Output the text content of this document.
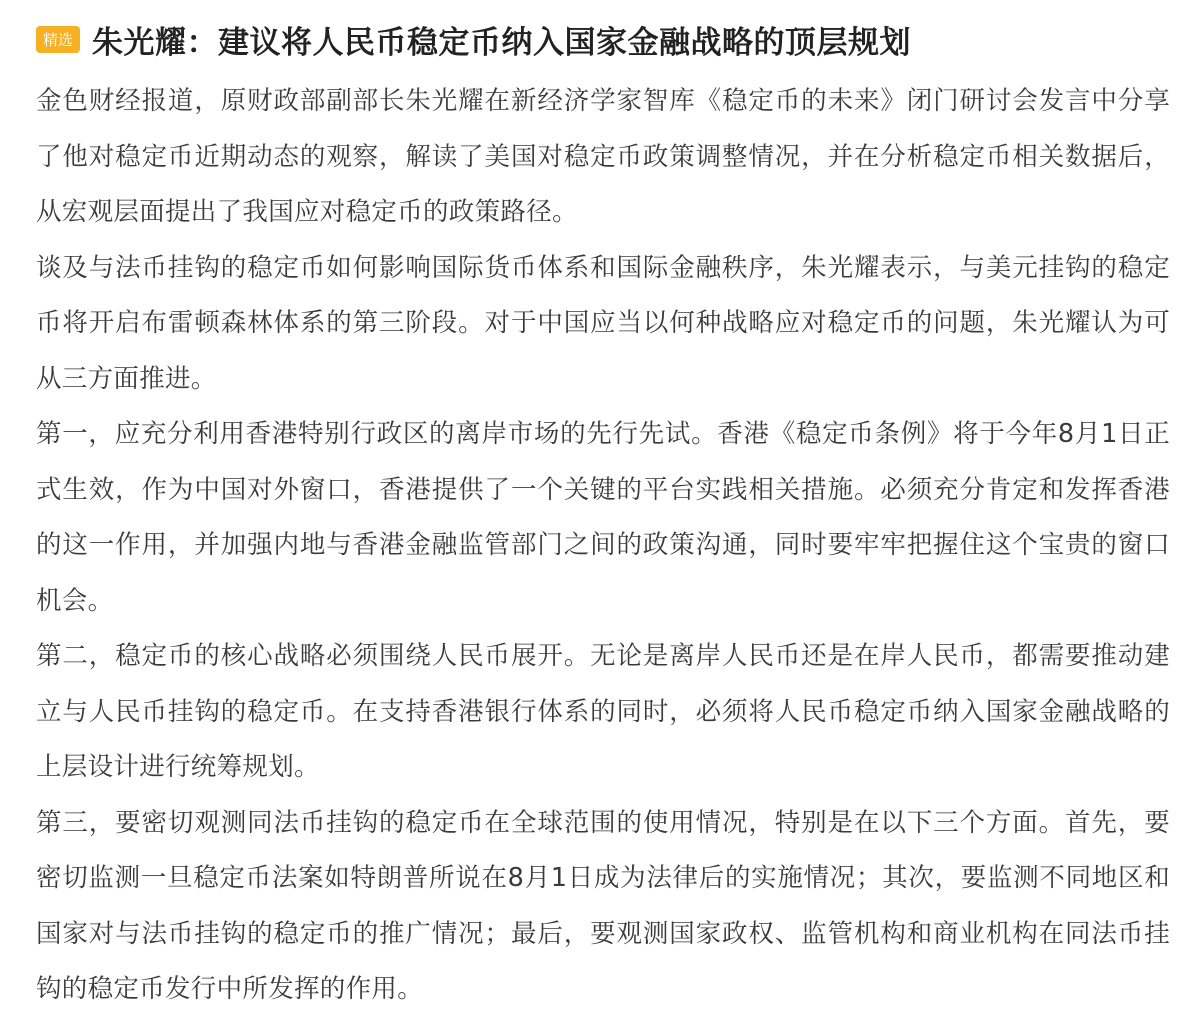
精选 朱光耀：建议将人民币稳定币纳入国家金融战略的顶层规划

金色财经报道，原财政部副部长朱光耀在新经济学家智库《稳定币的未来》闭门研讨会发言中分享了他对稳定币近期动态的观察，解读了美国对稳定币政策调整情况，并在分析稳定币相关数据后，从宏观层面提出了我国应对稳定币的政策路径。

谈及与法币挂钩的稳定币如何影响国际货币体系和国际金融秩序，朱光耀表示，与美元挂钩的稳定币将开启布雷顿森林体系的第三阶段。对于中国应当以何种战略应对稳定币的问题，朱光耀认为可从三方面推进。

第一，应充分利用香港特别行政区的离岸市场的先行先试。香港《稳定币条例》将于今年8月1日正式生效，作为中国对外窗口，香港提供了一个关键的平台实践相关措施。必须充分肯定和发挥香港的这一作用，并加强内地与香港金融监管部门之间的政策沟通，同时要牢牢把握住这个宝贵的窗口机会。

第二，稳定币的核心战略必须围绕人民币展开。无论是离岸人民币还是在岸人民币，都需要推动建立与人民币挂钩的稳定币。在支持香港银行体系的同时，必须将人民币稳定币纳入国家金融战略的上层设计进行统筹规划。

第三，要密切观测同法币挂钩的稳定币在全球范围的使用情况，特别是在以下三个方面。首先，要密切监测一旦稳定币法案如特朗普所说在8月1日成为法律后的实施情况；其次，要监测不同地区和国家对与法币挂钩的稳定币的推广情况；最后，要观测国家政权、监管机构和商业机构在同法币挂钩的稳定币发行中所发挥的作用。
